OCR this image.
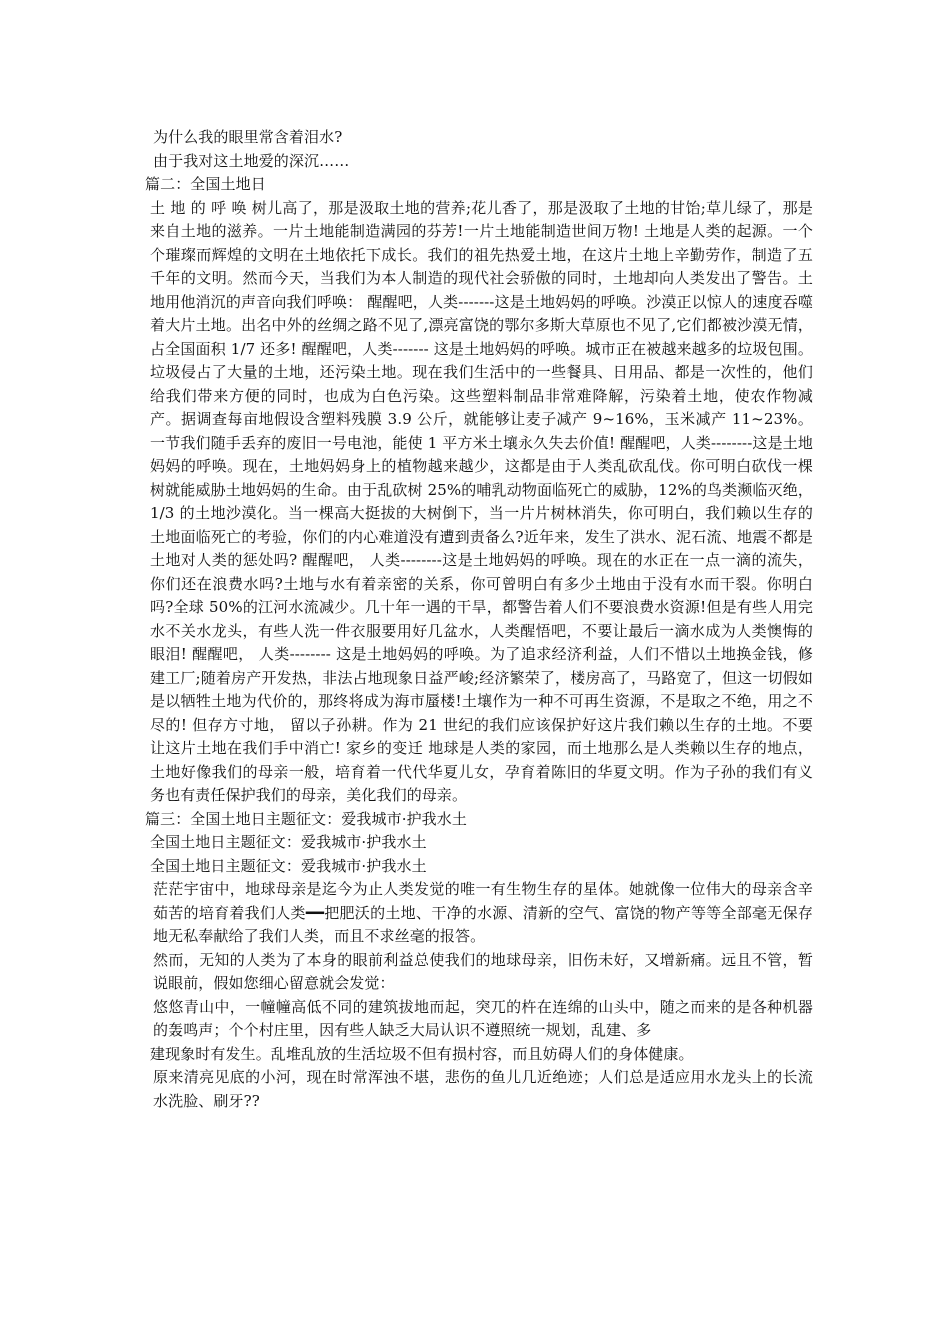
为什么我的眼里常含着泪水?

由于我对这土地爱的深沉……

篇二：全国土地日

土 地 的 呼 唤 树儿高了，那是汲取土地的营养;花儿香了，那是汲取了土地的甘饴;草儿绿了，那是来自土地的滋养。一片土地能制造满园的芬芳!一片土地能制造世间万物! 土地是人类的起源。一个个璀璨而辉煌的文明在土地依托下成长。我们的祖先热爱土地，在这片土地上辛勤劳作，制造了五千年的文明。然而今天，当我们为本人制造的现代社会骄傲的同时，土地却向人类发出了警告。土地用他消沉的声音向我们呼唤： 醒醒吧，人类-------这是土地妈妈的呼唤。沙漠正以惊人的速度吞噬着大片土地。出名中外的丝绸之路不见了,漂亮富饶的鄂尔多斯大草原也不见了,它们都被沙漠无情，占全国面积 1/7 还多! 醒醒吧，人类------- 这是土地妈妈的呼唤。城市正在被越来越多的垃圾包围。垃圾侵占了大量的土地，还污染土地。现在我们生活中的一些餐具、日用品、都是一次性的，他们给我们带来方便的同时，也成为白色污染。这些塑料制品非常难降解，污染着土地，使农作物减产。据调查每亩地假设含塑料残膜 3.9 公斤，就能够让麦子减产 9~16%，玉米减产 11~23%。一节我们随手丢弃的废旧一号电池，能使 1 平方米土壤永久失去价值! 醒醒吧，人类--------这是土地妈妈的呼唤。现在，土地妈妈身上的植物越来越少，这都是由于人类乱砍乱伐。你可明白砍伐一棵树就能威胁土地妈妈的生命。由于乱砍树 25%的哺乳动物面临死亡的威胁，12%的鸟类濒临灭绝，1/3 的土地沙漠化。当一棵高大挺拔的大树倒下，当一片片树林消失，你可明白，我们赖以生存的土地面临死亡的考验，你们的内心难道没有遭到责备么?近年来，发生了洪水、泥石流、地震不都是土地对人类的惩处吗? 醒醒吧， 人类--------这是土地妈妈的呼唤。现在的水正在一点一滴的流失，你们还在浪费水吗?土地与水有着亲密的关系，你可曾明白有多少土地由于没有水而干裂。你明白吗?全球 50%的江河水流减少。几十年一遇的干旱，都警告着人们不要浪费水资源!但是有些人用完水不关水龙头，有些人洗一件衣服要用好几盆水，人类醒悟吧，不要让最后一滴水成为人类懊悔的眼泪! 醒醒吧， 人类-------- 这是土地妈妈的呼唤。为了追求经济利益，人们不惜以土地换金钱，修建工厂;随着房产开发热，非法占地现象日益严峻;经济繁荣了，楼房高了，马路宽了，但这一切假如是以牺牲土地为代价的，那终将成为海市蜃楼!土壤作为一种不可再生资源，不是取之不绝，用之不尽的! 但存方寸地， 留以子孙耕。作为 21 世纪的我们应该保护好这片我们赖以生存的土地。不要让这片土地在我们手中消亡! 家乡的变迁 地球是人类的家园，而土地那么是人类赖以生存的地点，土地好像我们的母亲一般，培育着一代代华夏儿女，孕育着陈旧的华夏文明。作为子孙的我们有义务也有责任保护我们的母亲，美化我们的母亲。

篇三：全国土地日主题征文：爱我城市·护我水土

全国土地日主题征文：爱我城市·护我水土

全国土地日主题征文：爱我城市·护我水土

茫茫宇宙中，地球母亲是迄今为止人类发觉的唯一有生物生存的星体。她就像一位伟大的母亲含辛茹苦的培育着我们人类━━把肥沃的土地、干净的水源、清新的空气、富饶的物产等等全部毫无保存地无私奉献给了我们人类，而且不求丝毫的报答。

然而，无知的人类为了本身的眼前利益总使我们的地球母亲，旧伤未好，又增新痛。远且不管，暂说眼前，假如您细心留意就会发觉：

悠悠青山中，一幢幢高低不同的建筑拔地而起，突兀的杵在连绵的山头中，随之而来的是各种机器的轰鸣声；个个村庄里，因有些人缺乏大局认识不遵照统一规划，乱建、多

建现象时有发生。乱堆乱放的生活垃圾不但有损村容，而且妨碍人们的身体健康。

原来清亮见底的小河，现在时常浑浊不堪，悲伤的鱼儿几近绝迹；人们总是适应用水龙头上的长流水洗脸、刷牙??
